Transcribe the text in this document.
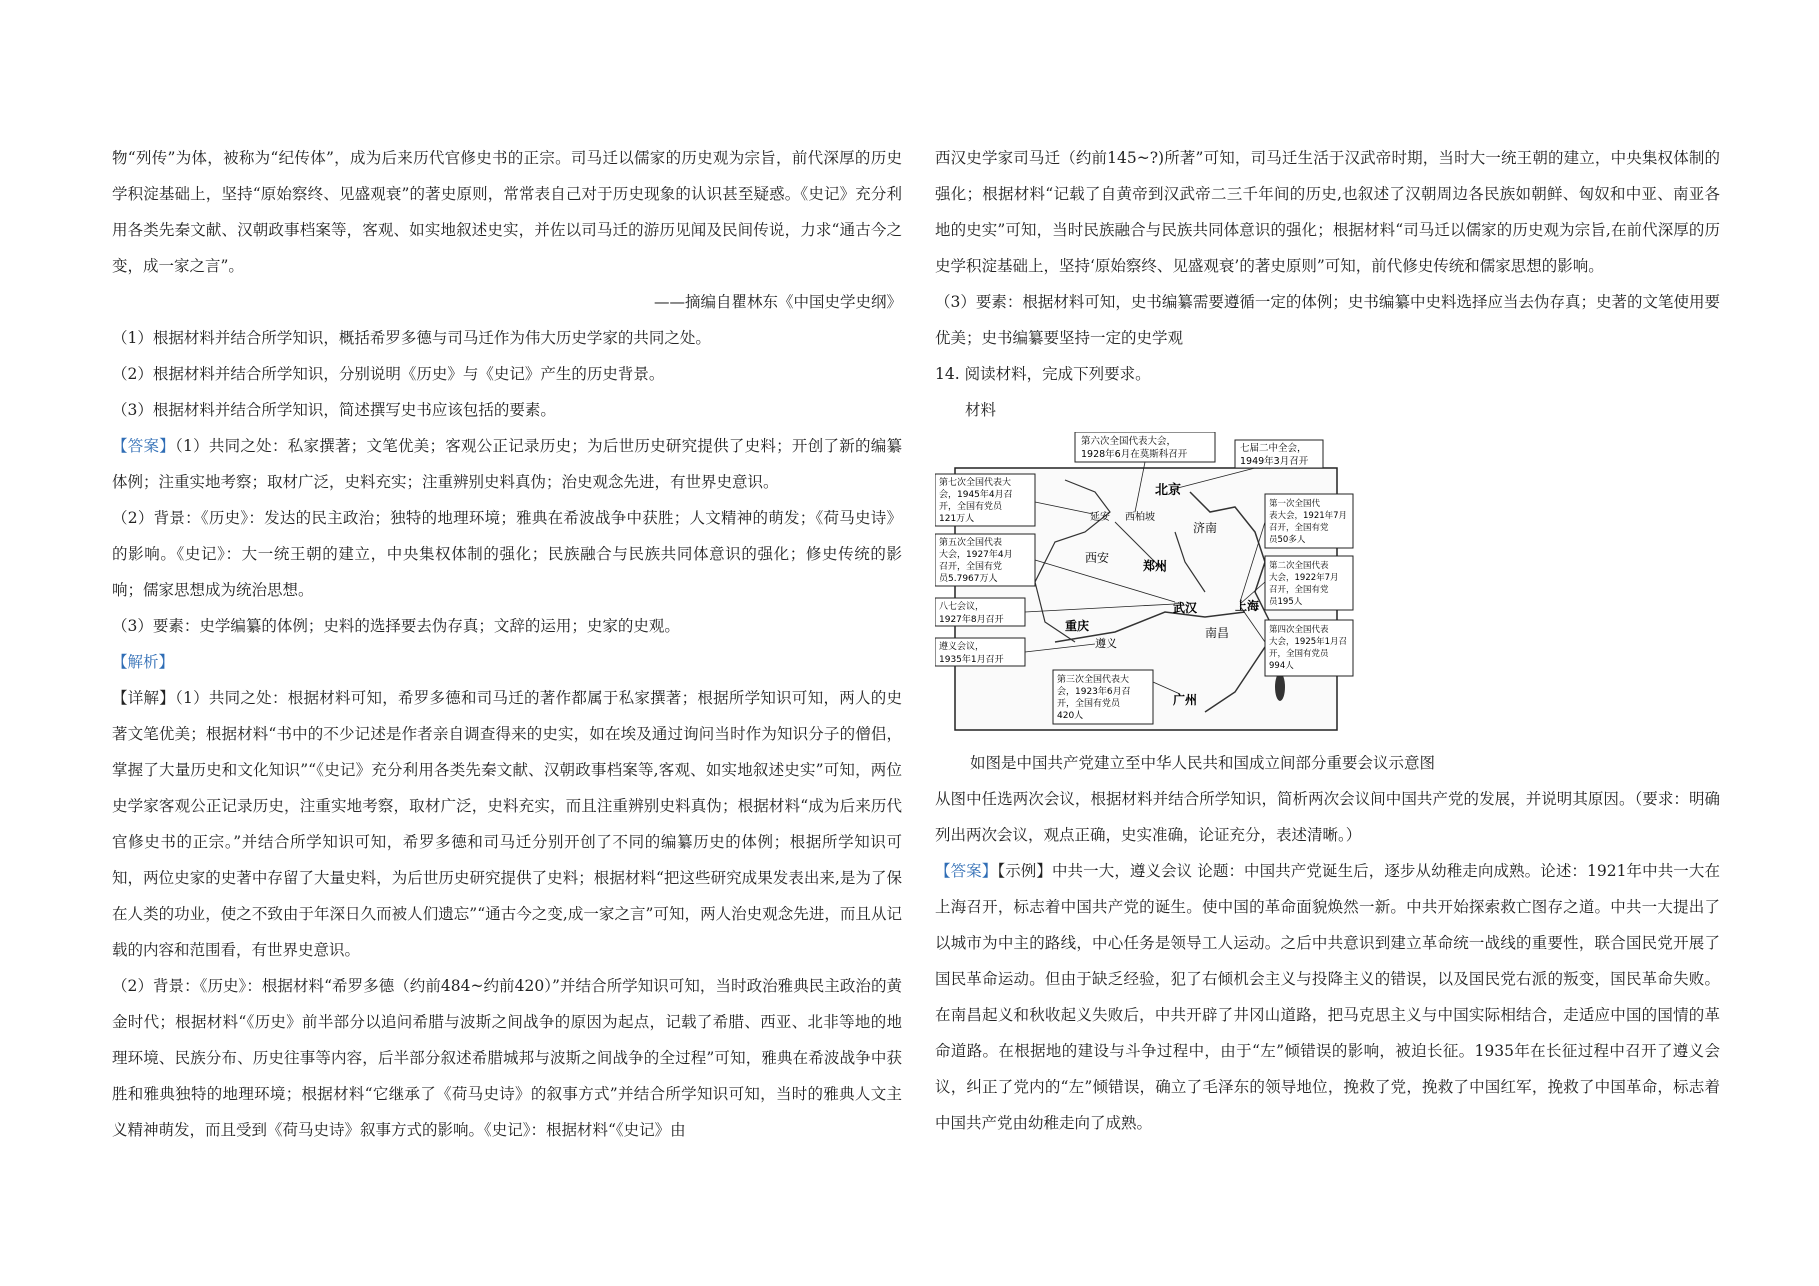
物“列传”为体，被称为“纪传体”，成为后来历代官修史书的正宗。司马迁以儒家的历史观为宗旨，前代深厚的历史学积淀基础上，坚持“原始察终、见盛观衰”的著史原则，常常表自己对于历史现象的认识甚至疑惑。《史记》充分利用各类先秦文献、汉朝政事档案等，客观、如实地叙述史实，并佐以司马迁的游历见闻及民间传说，力求“通古今之变，成一家之言”。

——摘编自瞿林东《中国史学史纲》

（1）根据材料并结合所学知识，概括希罗多德与司马迁作为伟大历史学家的共同之处。

（2）根据材料并结合所学知识，分别说明《历史》与《史记》产生的历史背景。

（3）根据材料并结合所学知识，简述撰写史书应该包括的要素。

【答案】（1）共同之处：私家撰著；文笔优美；客观公正记录历史；为后世历史研究提供了史料；开创了新的编纂体例；注重实地考察；取材广泛，史料充实；注重辨别史料真伪；治史观念先进，有世界史意识。

（2）背景：《历史》：发达的民主政治；独特的地理环境；雅典在希波战争中获胜；人文精神的萌发；《荷马史诗》的影响。《史记》：大一统王朝的建立，中央集权体制的强化；民族融合与民族共同体意识的强化；修史传统的影响；儒家思想成为统治思想。

（3）要素：史学编纂的体例；史料的选择要去伪存真；文辞的运用；史家的史观。

【解析】

【详解】（1）共同之处：根据材料可知，希罗多德和司马迁的著作都属于私家撰著；根据所学知识可知，两人的史著文笔优美；根据材料“书中的不少记述是作者亲自调查得来的史实，如在埃及通过询问当时作为知识分子的僧侣，掌握了大量历史和文化知识”“《史记》充分利用各类先秦文献、汉朝政事档案等,客观、如实地叙述史实”可知，两位史学家客观公正记录历史，注重实地考察，取材广泛，史料充实，而且注重辨别史料真伪；根据材料“成为后来历代官修史书的正宗。”并结合所学知识可知，希罗多德和司马迁分别开创了不同的编纂历史的体例；根据所学知识可知，两位史家的史著中存留了大量史料，为后世历史研究提供了史料；根据材料“把这些研究成果发表出来,是为了保在人类的功业，使之不致由于年深日久而被人们遗忘”“通古今之变,成一家之言”可知，两人治史观念先进，而且从记载的内容和范围看，有世界史意识。

（2）背景：《历史》：根据材料“希罗多德（约前484~约前420）”并结合所学知识可知，当时政治雅典民主政治的黄金时代；根据材料“《历史》前半部分以追问希腊与波斯之间战争的原因为起点，记载了希腊、西亚、北非等地的地理环境、民族分布、历史往事等内容，后半部分叙述希腊城邦与波斯之间战争的全过程”可知，雅典在希波战争中获胜和雅典独特的地理环境；根据材料“它继承了《荷马史诗》的叙事方式”并结合所学知识可知，当时的雅典人文主义精神萌发，而且受到《荷马史诗》叙事方式的影响。《史记》：根据材料“《史记》由

西汉史学家司马迁（约前145~?)所著”可知，司马迁生活于汉武帝时期，当时大一统王朝的建立，中央集权体制的强化；根据材料“记载了自黄帝到汉武帝二三千年间的历史,也叙述了汉朝周边各民族如朝鲜、匈奴和中亚、南亚各地的史实”可知，当时民族融合与民族共同体意识的强化；根据材料“司马迁以儒家的历史观为宗旨,在前代深厚的历史学积淀基础上，坚持‘原始察终、见盛观衰’的著史原则”可知，前代修史传统和儒家思想的影响。

（3）要素：根据材料可知，史书编纂需要遵循一定的体例；史书编纂中史料选择应当去伪存真；史著的文笔使用要优美；史书编纂要坚持一定的史学观

14. 阅读材料，完成下列要求。

材料

北京
西柏坡
延安
济南
西安
郑州
武汉	上海
南昌
重庆
遵义
广州
第六次全国代表大会，
1928年6月在莫斯科召开
七届二中全会，
1949年3月召开
第七次全国代表大
会，1945年4月召
开，全国有党员
121万人
第五次全国代表
大会，1927年4月
召开，全国有党
员5.7967万人
八七会议，
1927年8月召开
遵义会议，
1935年1月召开
第三次全国代表大
会，1923年6月召
开，全国有党员
420人
第一次全国代
表大会，1921年7月
召开，全国有党
员50多人
第二次全国代表
大会，1922年7月
召开，全国有党
员195人
第四次全国代表
大会，1925年1月召
开，全国有党员
994人

如图是中国共产党建立至中华人民共和国成立间部分重要会议示意图

从图中任选两次会议，根据材料并结合所学知识，简析两次会议间中国共产党的发展，并说明其原因。（要求：明确列出两次会议，观点正确，史实准确，论证充分，表述清晰。）

【答案】【示例】中共一大，遵义会议 论题：中国共产党诞生后，逐步从幼稚走向成熟。论述：1921年中共一大在上海召开，标志着中国共产党的诞生。使中国的革命面貌焕然一新。中共开始探索救亡图存之道。中共一大提出了以城市为中主的路线，中心任务是领导工人运动。之后中共意识到建立革命统一战线的重要性，联合国民党开展了国民革命运动。但由于缺乏经验，犯了右倾机会主义与投降主义的错误，以及国民党右派的叛变，国民革命失败。在南昌起义和秋收起义失败后，中共开辟了井冈山道路，把马克思主义与中国实际相结合，走适应中国的国情的革命道路。在根据地的建设与斗争过程中，由于“左”倾错误的影响，被迫长征。1935年在长征过程中召开了遵义会议，纠正了党内的“左”倾错误，确立了毛泽东的领导地位，挽救了党，挽救了中国红军，挽救了中国革命，标志着中国共产党由幼稚走向了成熟。
